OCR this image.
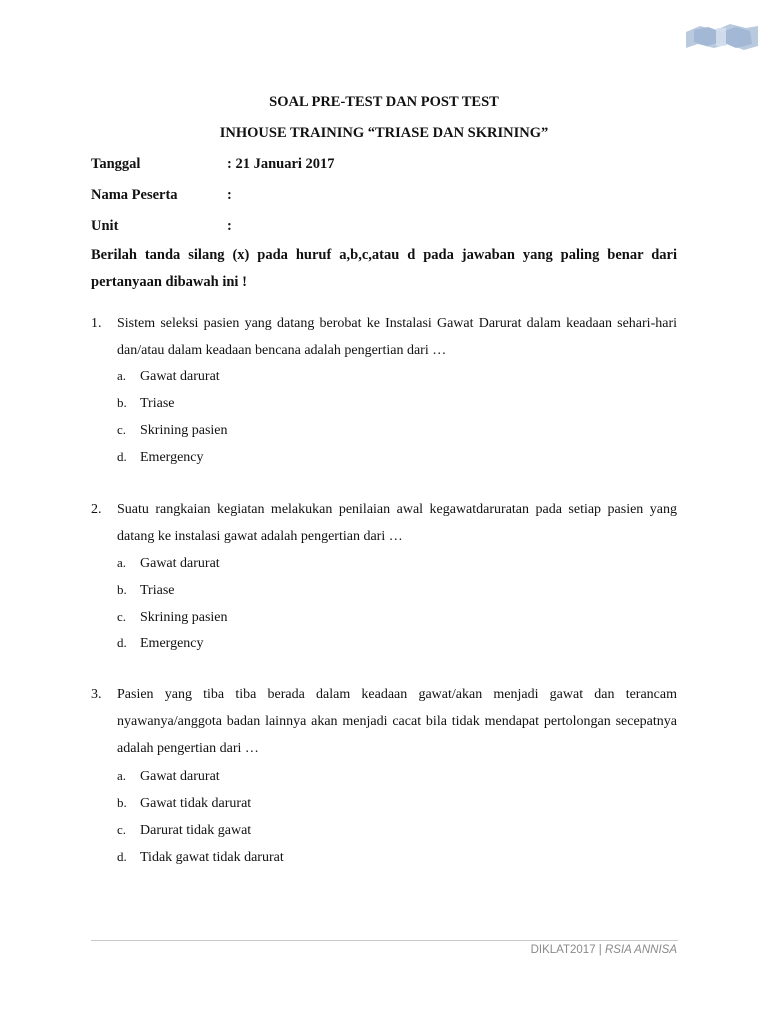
SOAL PRE-TEST DAN POST TEST
INHOUSE TRAINING “TRIASE DAN SKRINING”
Tanggal	: 21 Januari 2017
Nama Peserta	:
Unit	:
Berilah tanda silang (x) pada huruf a,b,c,atau d pada jawaban yang paling benar dari pertanyaan dibawah ini !
1. Sistem seleksi pasien yang datang berobat ke Instalasi Gawat Darurat dalam keadaan sehari-hari dan/atau dalam keadaan bencana adalah pengertian dari …
a. Gawat darurat
b. Triase
c. Skrining pasien
d. Emergency
2. Suatu rangkaian kegiatan melakukan penilaian awal kegawatdaruratan pada setiap pasien yang datang ke instalasi gawat adalah pengertian dari …
a. Gawat darurat
b. Triase
c. Skrining pasien
d. Emergency
3. Pasien yang tiba tiba berada dalam keadaan gawat/akan menjadi gawat dan terancam nyawanya/anggota badan lainnya akan menjadi cacat bila tidak mendapat pertolongan secepatnya adalah pengertian dari …
a. Gawat darurat
b. Gawat tidak darurat
c. Darurat tidak gawat
d. Tidak gawat tidak darurat
DIKLAT2017 | RSIA ANNISA
